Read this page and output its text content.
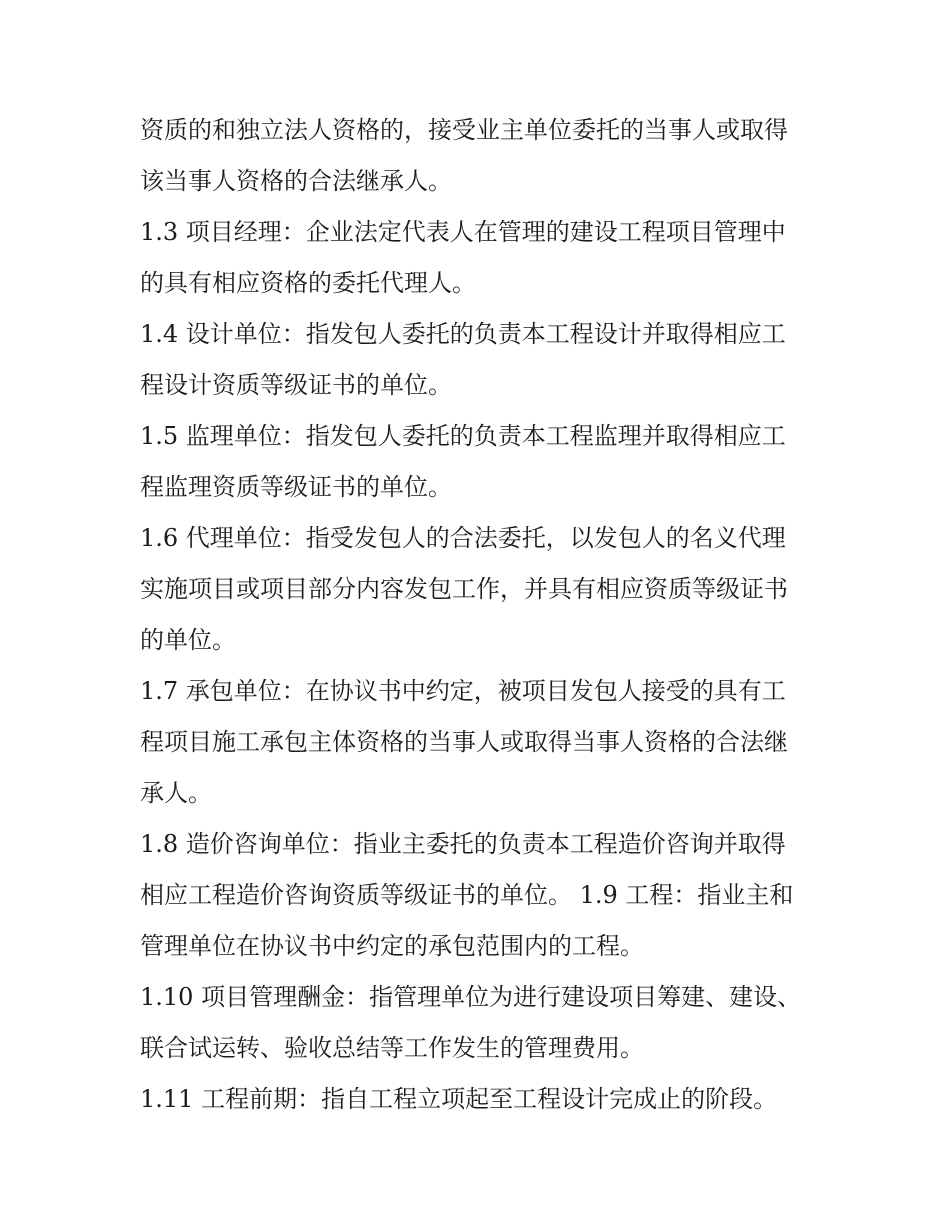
资质的和独立法人资格的，接受业主单位委托的当事人或取得
该当事人资格的合法继承人。
1.3 项目经理：企业法定代表人在管理的建设工程项目管理中
的具有相应资格的委托代理人。
1.4 设计单位：指发包人委托的负责本工程设计并取得相应工
程设计资质等级证书的单位。
1.5 监理单位：指发包人委托的负责本工程监理并取得相应工
程监理资质等级证书的单位。
1.6 代理单位：指受发包人的合法委托，以发包人的名义代理
实施项目或项目部分内容发包工作，并具有相应资质等级证书
的单位。
1.7 承包单位：在协议书中约定，被项目发包人接受的具有工
程项目施工承包主体资格的当事人或取得当事人资格的合法继
承人。
1.8 造价咨询单位：指业主委托的负责本工程造价咨询并取得
相应工程造价咨询资质等级证书的单位。 1.9 工程：指业主和
管理单位在协议书中约定的承包范围内的工程。
1.10 项目管理酬金：指管理单位为进行建设项目筹建、建设、
联合试运转、验收总结等工作发生的管理费用。
1.11 工程前期：指自工程立项起至工程设计完成止的阶段。
